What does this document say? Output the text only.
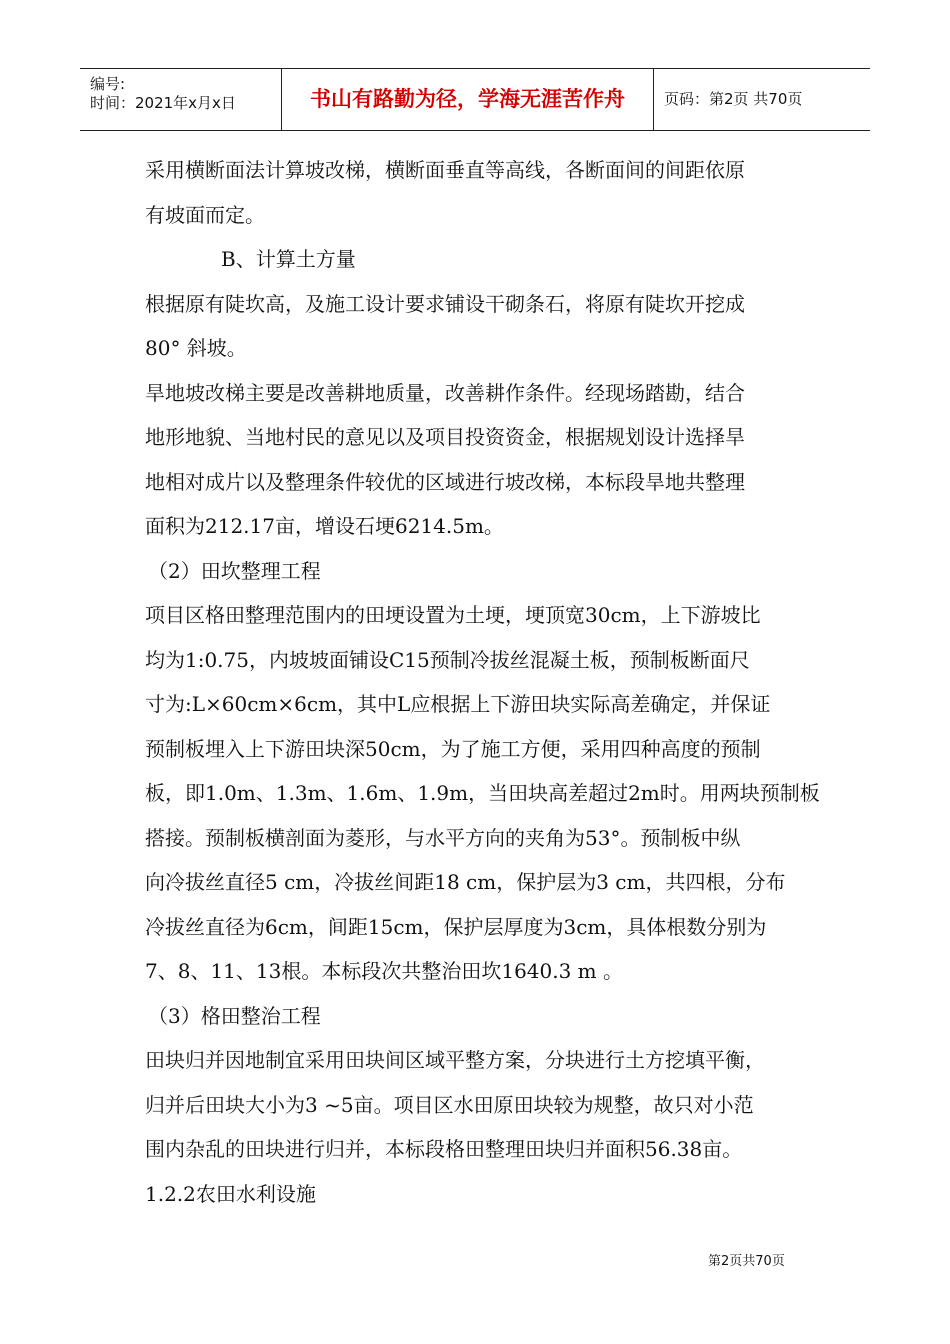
编号:
时间：2021年x月x日	书山有路勤为径，学海无涯苦作舟	页码：第2页 共70页
采用横断面法计算坡改梯，横断面垂直等高线，各断面间的间距依原
有坡面而定。
B、计算土方量
根据原有陡坎高，及施工设计要求铺设干砌条石，将原有陡坎开挖成
80° 斜坡。
旱地坡改梯主要是改善耕地质量，改善耕作条件。经现场踏勘，结合
地形地貌、当地村民的意见以及项目投资资金，根据规划设计选择旱
地相对成片以及整理条件较优的区域进行坡改梯，本标段旱地共整理
面积为212.17亩，增设石埂6214.5m。
（2）田坎整理工程
项目区格田整理范围内的田埂设置为土埂，埂顶宽30cm，上下游坡比
均为1:0.75，内坡坡面铺设C15预制冷拔丝混凝土板，预制板断面尺
寸为:L×60cm×6cm，其中L应根据上下游田块实际高差确定，并保证
预制板埋入上下游田块深50cm，为了施工方便，采用四种高度的预制
板，即1.0m、1.3m、1.6m、1.9m，当田块高差超过2m时。用两块预制板
搭接。预制板横剖面为菱形，与水平方向的夹角为53°。预制板中纵
向冷拔丝直径5 cm，冷拔丝间距18 cm，保护层为3 cm，共四根，分布
冷拔丝直径为6cm，间距15cm，保护层厚度为3cm，具体根数分别为
7、8、11、13根。本标段次共整治田坎1640.3 m 。
（3）格田整治工程
田块归并因地制宜采用田块间区域平整方案，分块进行土方挖填平衡，
归并后田块大小为3 ~5亩。项目区水田原田块较为规整，故只对小范
围内杂乱的田块进行归并，本标段格田整理田块归并面积56.38亩。
1.2.2农田水利设施
第2页共70页
